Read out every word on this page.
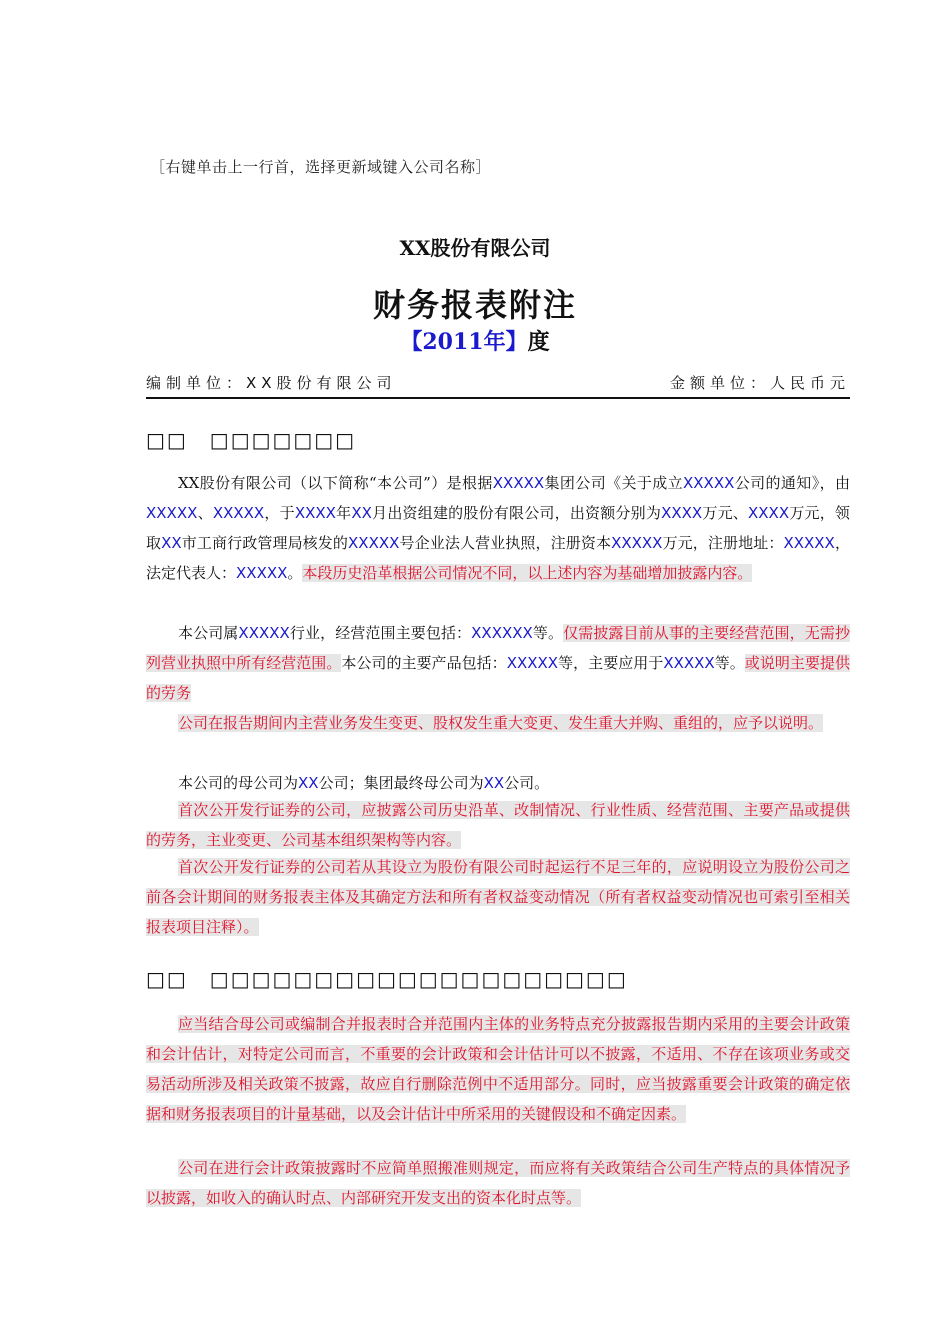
［右键单击上一行首，选择更新域键入公司名称］
XX股份有限公司
财务报表附注
【2011年】度
编制单位：XX股份有限公司	金额单位：人民币元
□□ □□□□□□□

XX股份有限公司（以下简称“本公司”）是根据XXXXX集团公司《关于成立XXXXX公司的通知》，由XXXXX、XXXXX，于XXXX年XX月出资组建的股份有限公司，出资额分别为XXXX万元、XXXX万元，领取XX市工商行政管理局核发的XXXXX号企业法人营业执照，注册资本XXXXX万元，注册地址：XXXXX，法定代表人：XXXXX。本段历史沿革根据公司情况不同，以上述内容为基础增加披露内容。

本公司属XXXXX行业，经营范围主要包括：XXXXXX等。仅需披露目前从事的主要经营范围，无需抄列营业执照中所有经营范围。本公司的主要产品包括：XXXXX等，主要应用于XXXXX等。或说明主要提供的劳务

公司在报告期间内主营业务发生变更、股权发生重大变更、发生重大并购、重组的，应予以说明。

本公司的母公司为XX公司；集团最终母公司为XX公司。

首次公开发行证券的公司，应披露公司历史沿革、改制情况、行业性质、经营范围、主要产品或提供的劳务，主业变更、公司基本组织架构等内容。

首次公开发行证券的公司若从其设立为股份有限公司时起运行不足三年的，应说明设立为股份公司之前各会计期间的财务报表主体及其确定方法和所有者权益变动情况（所有者权益变动情况也可索引至相关报表项目注释）。

□□ □□□□□□□□□□□□□□□□□□□□

应当结合母公司或编制合并报表时合并范围内主体的业务特点充分披露报告期内采用的主要会计政策和会计估计，对特定公司而言，不重要的会计政策和会计估计可以不披露，不适用、不存在该项业务或交易活动所涉及相关政策不披露，故应自行删除范例中不适用部分。同时，应当披露重要会计政策的确定依据和财务报表项目的计量基础，以及会计估计中所采用的关键假设和不确定因素。

公司在进行会计政策披露时不应简单照搬准则规定，而应将有关政策结合公司生产特点的具体情况予以披露，如收入的确认时点、内部研究开发支出的资本化时点等。
